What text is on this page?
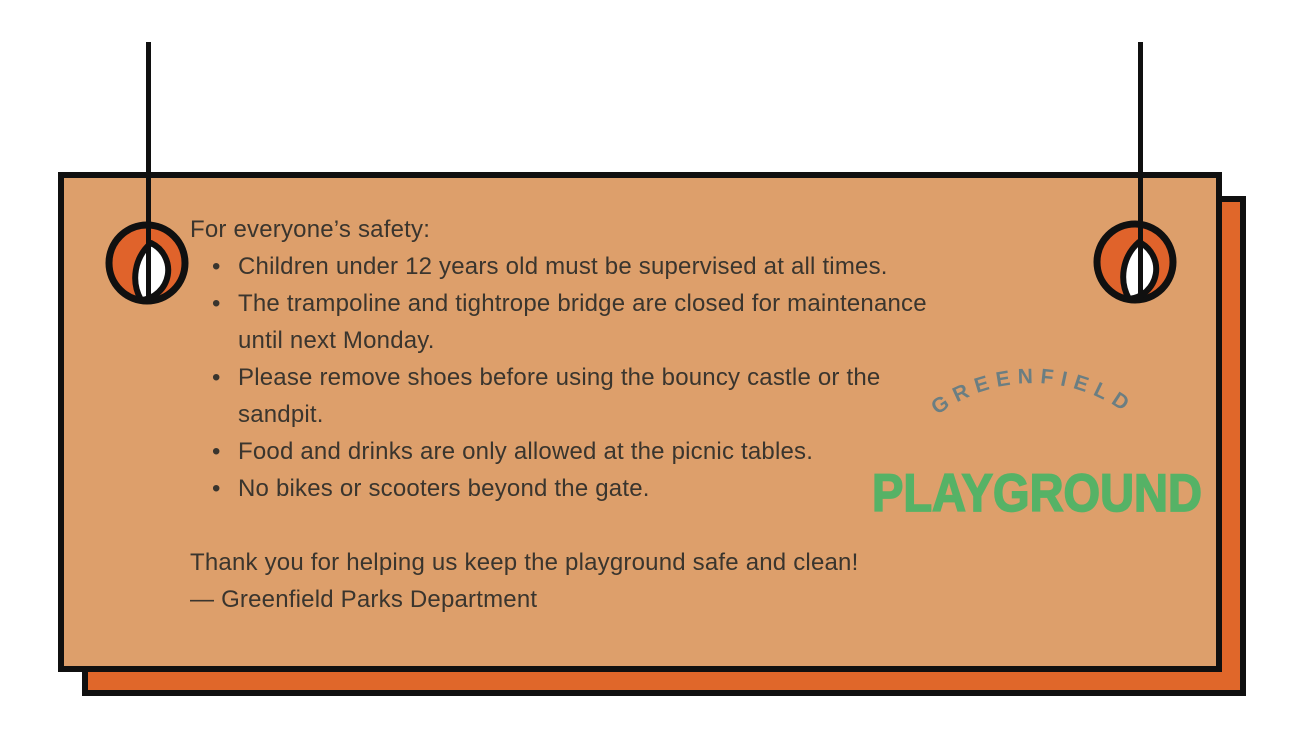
For everyone’s safety:
• Children under 12 years old must be supervised at all times.
• The trampoline and tightrope bridge are closed for maintenance
until next Monday.
• Please remove shoes before using the bouncy castle or the
sandpit.
• Food and drinks are only allowed at the picnic tables.
• No bikes or scooters beyond the gate.
Thank you for helping us keep the playground safe and clean!
— Greenfield Parks Department
GREENFIELD
PLAYGROUND
